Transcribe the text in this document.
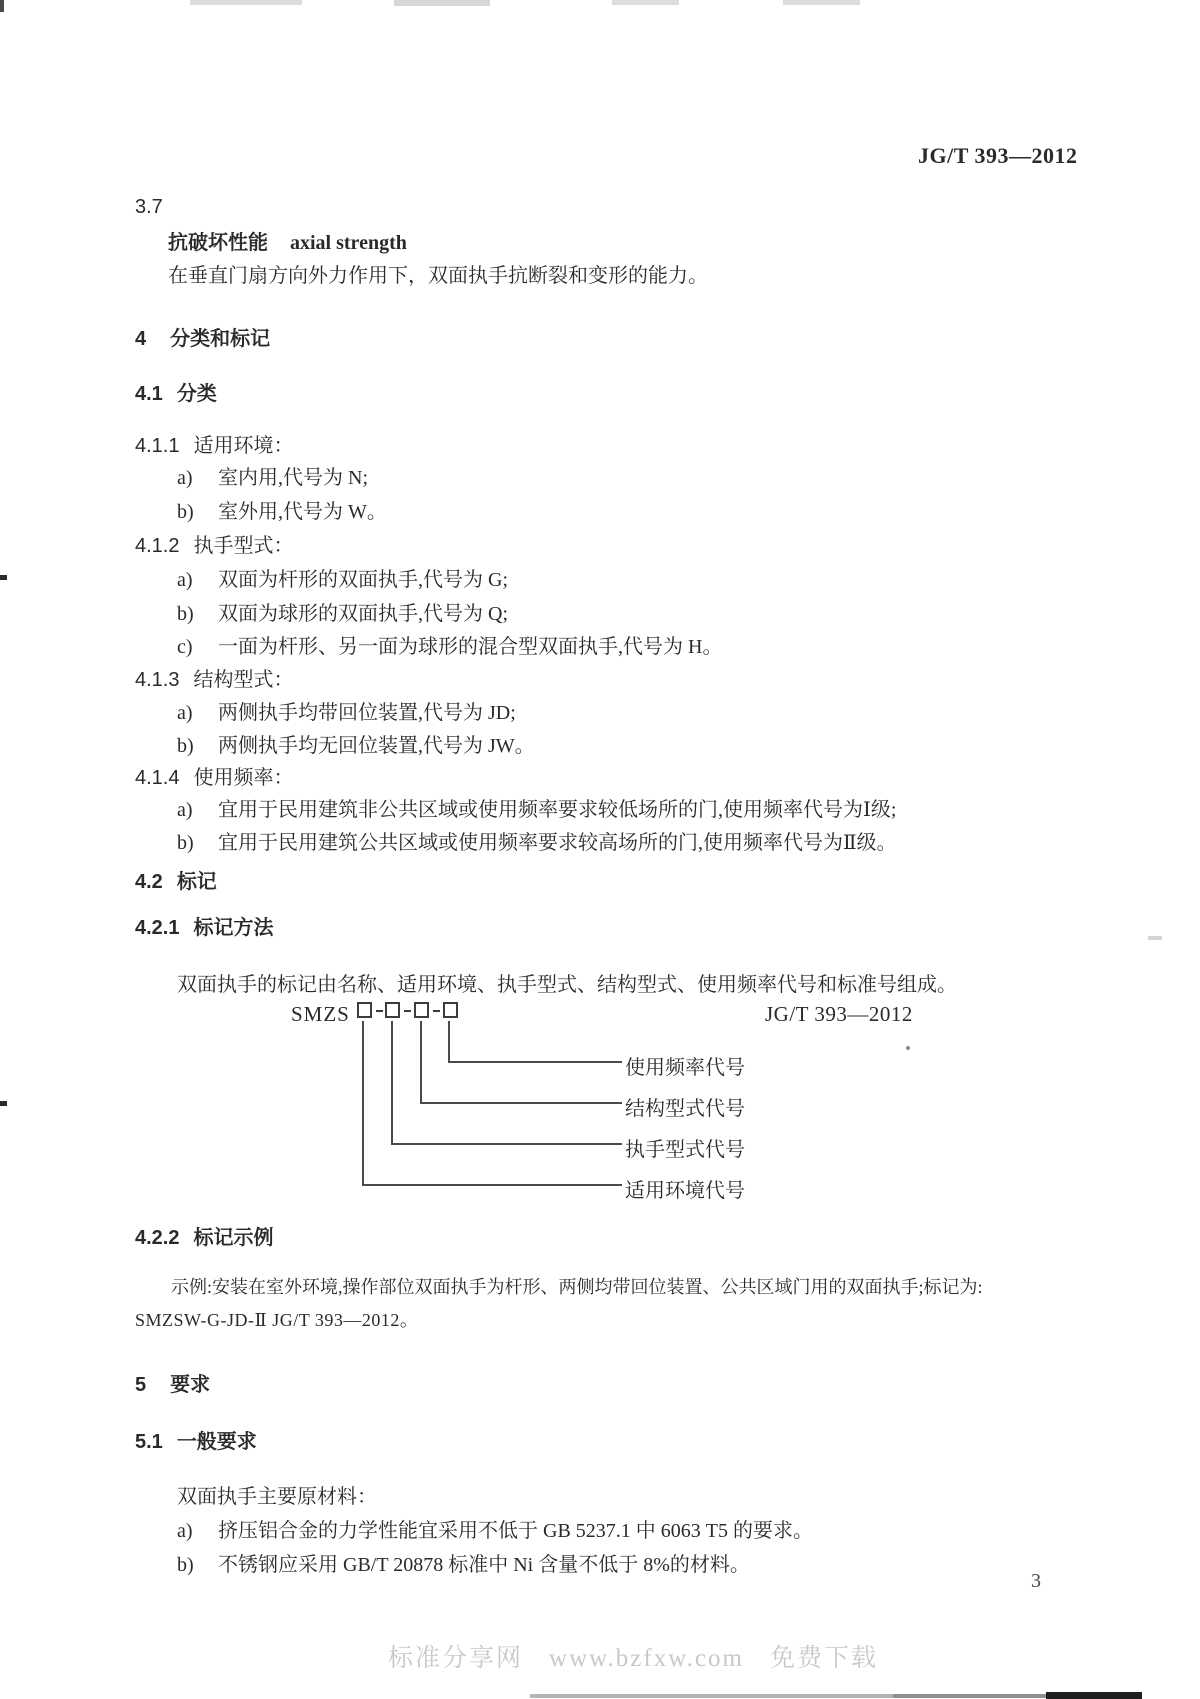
JG/T 393—2012
3.7
抗破坏性能 axial strength
在垂直门扇方向外力作用下，双面执手抗断裂和变形的能力。
4 分类和标记
4.1 分类
4.1.1 适用环境：
a) 室内用,代号为 N;
b) 室外用,代号为 W。
4.1.2 执手型式：
a) 双面为杆形的双面执手,代号为 G;
b) 双面为球形的双面执手,代号为 Q;
c) 一面为杆形、另一面为球形的混合型双面执手,代号为 H。
4.1.3 结构型式：
a) 两侧执手均带回位装置,代号为 JD;
b) 两侧执手均无回位装置,代号为 JW。
4.1.4 使用频率：
a) 宜用于民用建筑非公共区域或使用频率要求较低场所的门,使用频率代号为Ⅰ级;
b) 宜用于民用建筑公共区域或使用频率要求较高场所的门,使用频率代号为Ⅱ级。
4.2 标记
4.2.1 标记方法
双面执手的标记由名称、适用环境、执手型式、结构型式、使用频率代号和标准号组成。
SMZS	JG/T 393—2012
使用频率代号
结构型式代号
执手型式代号
适用环境代号
4.2.2 标记示例
示例:安装在室外环境,操作部位双面执手为杆形、两侧均带回位装置、公共区域门用的双面执手;标记为:
SMZSW-G-JD-Ⅱ JG/T 393—2012。
5 要求
5.1 一般要求
双面执手主要原材料：
a) 挤压铝合金的力学性能宜采用不低于 GB 5237.1 中 6063 T5 的要求。
b) 不锈钢应采用 GB/T 20878 标准中 Ni 含量不低于 8%的材料。
3
标准分享网 www.bzfxw.com 免费下载
